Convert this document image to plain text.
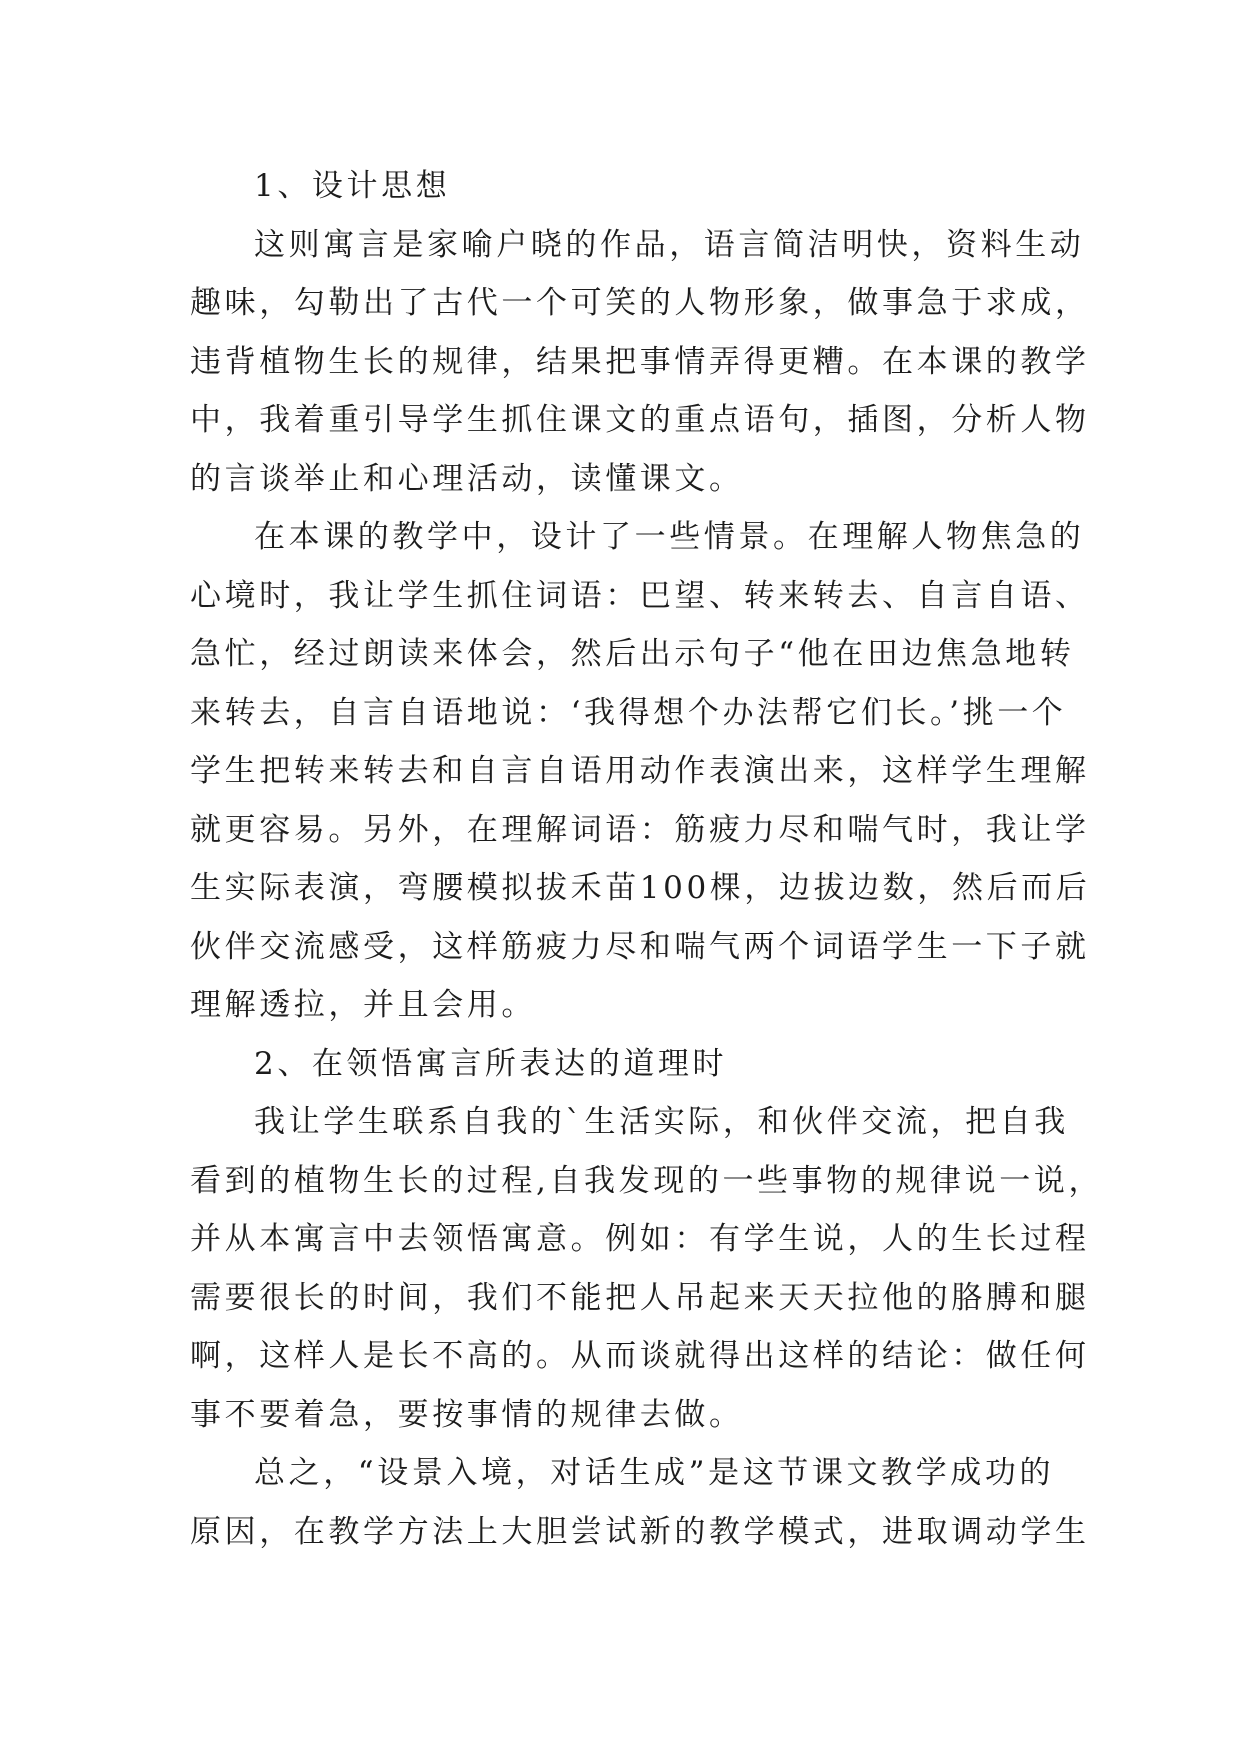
1、设计思想
这则寓言是家喻户晓的作品，语言简洁明快，资料生动
趣味，勾勒出了古代一个可笑的人物形象，做事急于求成，
违背植物生长的规律，结果把事情弄得更糟。在本课的教学
中，我着重引导学生抓住课文的重点语句，插图，分析人物
的言谈举止和心理活动，读懂课文。
在本课的教学中，设计了一些情景。在理解人物焦急的
心境时，我让学生抓住词语：巴望、转来转去、自言自语、
急忙，经过朗读来体会，然后出示句子“他在田边焦急地转
来转去，自言自语地说：‘我得想个办法帮它们长。’挑一个
学生把转来转去和自言自语用动作表演出来，这样学生理解
就更容易。另外，在理解词语：筋疲力尽和喘气时，我让学
生实际表演，弯腰模拟拔禾苗100棵，边拔边数，然后而后
伙伴交流感受，这样筋疲力尽和喘气两个词语学生一下子就
理解透拉，并且会用。
2、在领悟寓言所表达的道理时
我让学生联系自我的`生活实际，和伙伴交流，把自我
看到的植物生长的过程,自我发现的一些事物的规律说一说，
并从本寓言中去领悟寓意。例如：有学生说，人的生长过程
需要很长的时间，我们不能把人吊起来天天拉他的胳膊和腿
啊，这样人是长不高的。从而谈就得出这样的结论：做任何
事不要着急，要按事情的规律去做。
总之，“设景入境，对话生成”是这节课文教学成功的
原因，在教学方法上大胆尝试新的教学模式，进取调动学生
